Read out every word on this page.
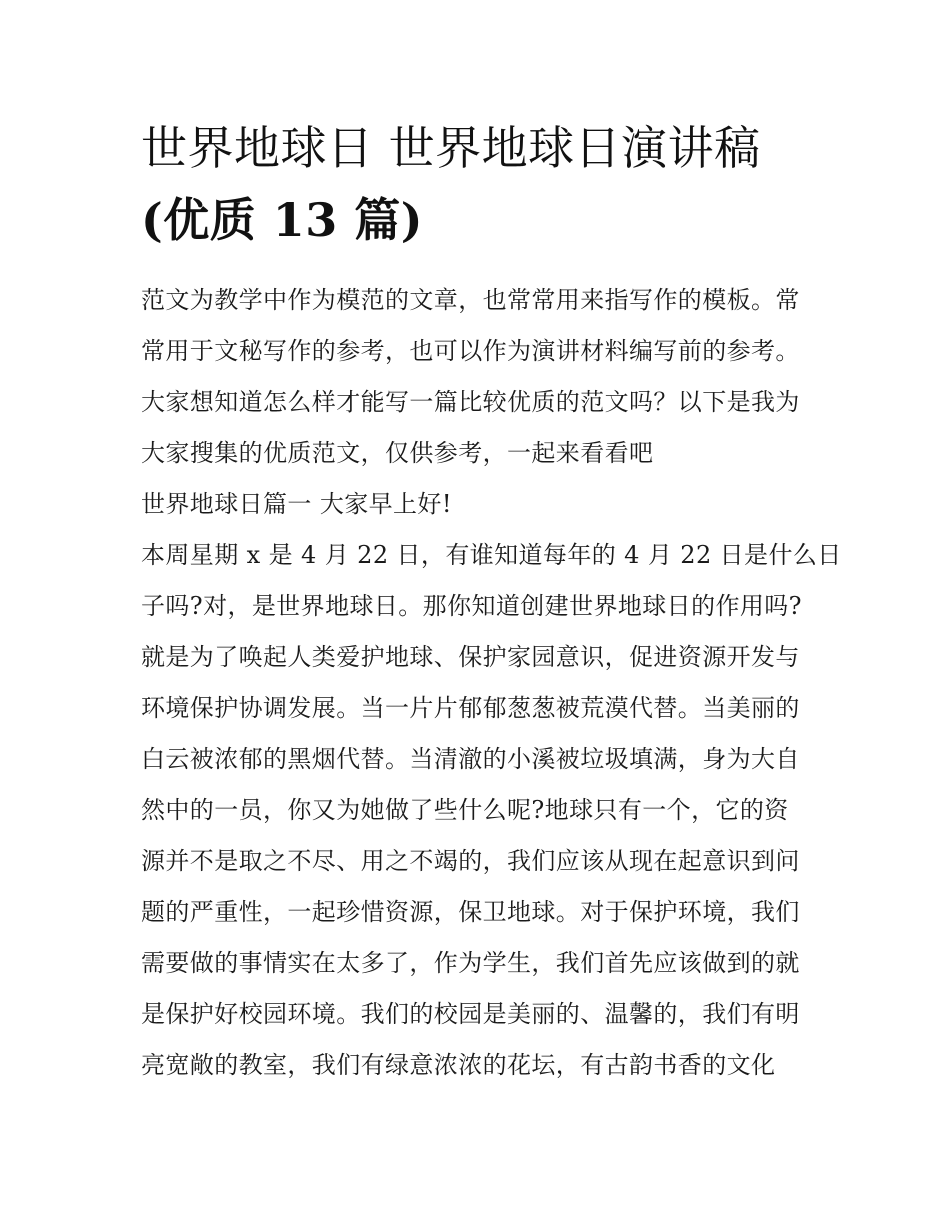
世界地球日 世界地球日演讲稿
(优质 13 篇)
范文为教学中作为模范的文章，也常常用来指写作的模板。常
常用于文秘写作的参考，也可以作为演讲材料编写前的参考。
大家想知道怎么样才能写一篇比较优质的范文吗？以下是我为
大家搜集的优质范文，仅供参考，一起来看看吧
世界地球日篇一 大家早上好!
本周星期 x 是 4 月 22 日，有谁知道每年的 4 月 22 日是什么日
子吗?对，是世界地球日。那你知道创建世界地球日的作用吗?
就是为了唤起人类爱护地球、保护家园意识，促进资源开发与
环境保护协调发展。当一片片郁郁葱葱被荒漠代替。当美丽的
白云被浓郁的黑烟代替。当清澈的小溪被垃圾填满，身为大自
然中的一员，你又为她做了些什么呢?地球只有一个，它的资
源并不是取之不尽、用之不竭的，我们应该从现在起意识到问
题的严重性，一起珍惜资源，保卫地球。对于保护环境，我们
需要做的事情实在太多了，作为学生，我们首先应该做到的就
是保护好校园环境。我们的校园是美丽的、温馨的，我们有明
亮宽敞的教室，我们有绿意浓浓的花坛，有古韵书香的文化
